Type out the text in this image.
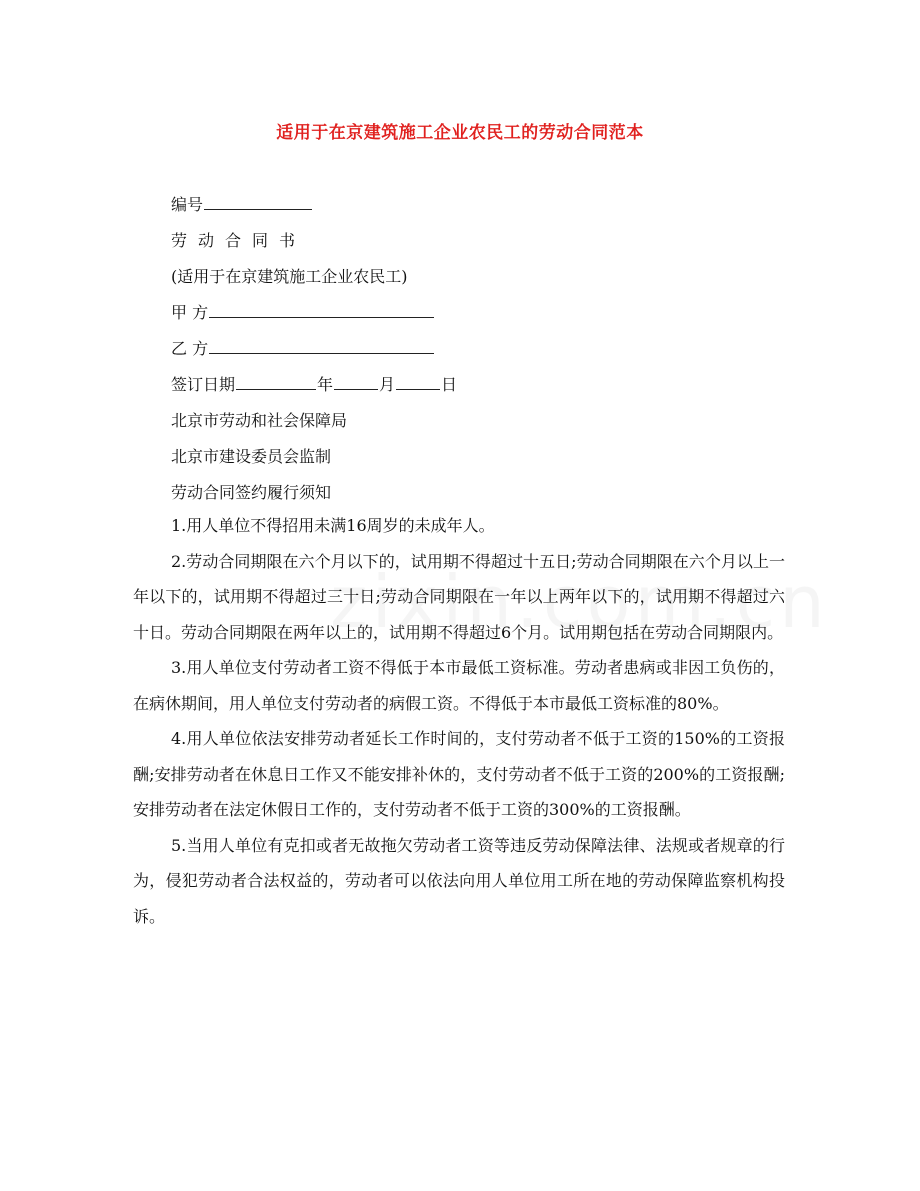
适用于在京建筑施工企业农民工的劳动合同范本
编号
劳动合同书
(适用于在京建筑施工企业农民工)
甲 方
乙 方
签订日期	年	月	日
北京市劳动和社会保障局
北京市建设委员会监制
劳动合同签约履行须知

1.用人单位不得招用未满16周岁的未成年人。

2.劳动合同期限在六个月以下的，试用期不得超过十五日;劳动合同期限在六个月以上一年以下的，试用期不得超过三十日;劳动合同期限在一年以上两年以下的，试用期不得超过六十日。劳动合同期限在两年以上的，试用期不得超过6个月。试用期包括在劳动合同期限内。

3.用人单位支付劳动者工资不得低于本市最低工资标准。劳动者患病或非因工负伤的，在病休期间，用人单位支付劳动者的病假工资。不得低于本市最低工资标准的80%。

4.用人单位依法安排劳动者延长工作时间的，支付劳动者不低于工资的150%的工资报酬;安排劳动者在休息日工作又不能安排补休的，支付劳动者不低于工资的200%的工资报酬;安排劳动者在法定休假日工作的，支付劳动者不低于工资的300%的工资报酬。

5.当用人单位有克扣或者无故拖欠劳动者工资等违反劳动保障法律、法规或者规章的行为，侵犯劳动者合法权益的，劳动者可以依法向用人单位用工所在地的劳动保障监察机构投诉。
